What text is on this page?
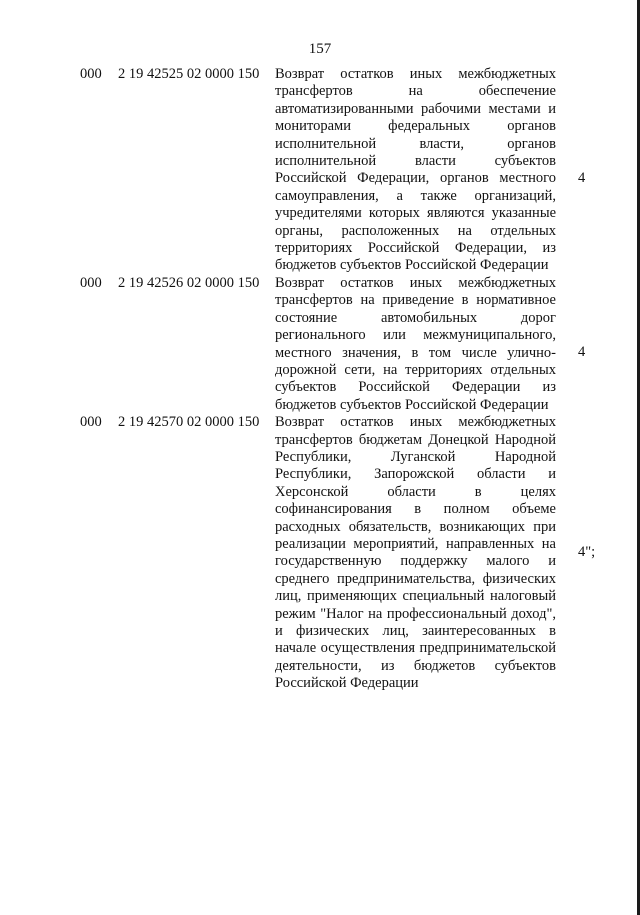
157
000 2 19 42525 02 0000 150 Возврат остатков иных межбюджетных трансфертов на обеспечение автоматизированными рабочими местами и мониторами федеральных органов исполнительной власти, органов исполнительной власти субъектов Российской Федерации, органов местного самоуправления, а также организаций, учредителями которых являются указанные органы, расположенных на отдельных территориях Российской Федерации, из бюджетов субъектов Российской Федерации
4
000 2 19 42526 02 0000 150 Возврат остатков иных межбюджетных трансфертов на приведение в нормативное состояние автомобильных дорог регионального или межмуниципального, местного значения, в том числе улично-дорожной сети, на территориях отдельных субъектов Российской Федерации из бюджетов субъектов Российской Федерации
4
000 2 19 42570 02 0000 150 Возврат остатков иных межбюджетных трансфертов бюджетам Донецкой Народной Республики, Луганской Народной Республики, Запорожской области и Херсонской области в целях софинансирования в полном объеме расходных обязательств, возникающих при реализации мероприятий, направленных на государственную поддержку малого и среднего предпринимательства, физических лиц, применяющих специальный налоговый режим "Налог на профессиональный доход", и физических лиц, заинтересованных в начале осуществления предпринимательской деятельности, из бюджетов субъектов Российской Федерации
4";
